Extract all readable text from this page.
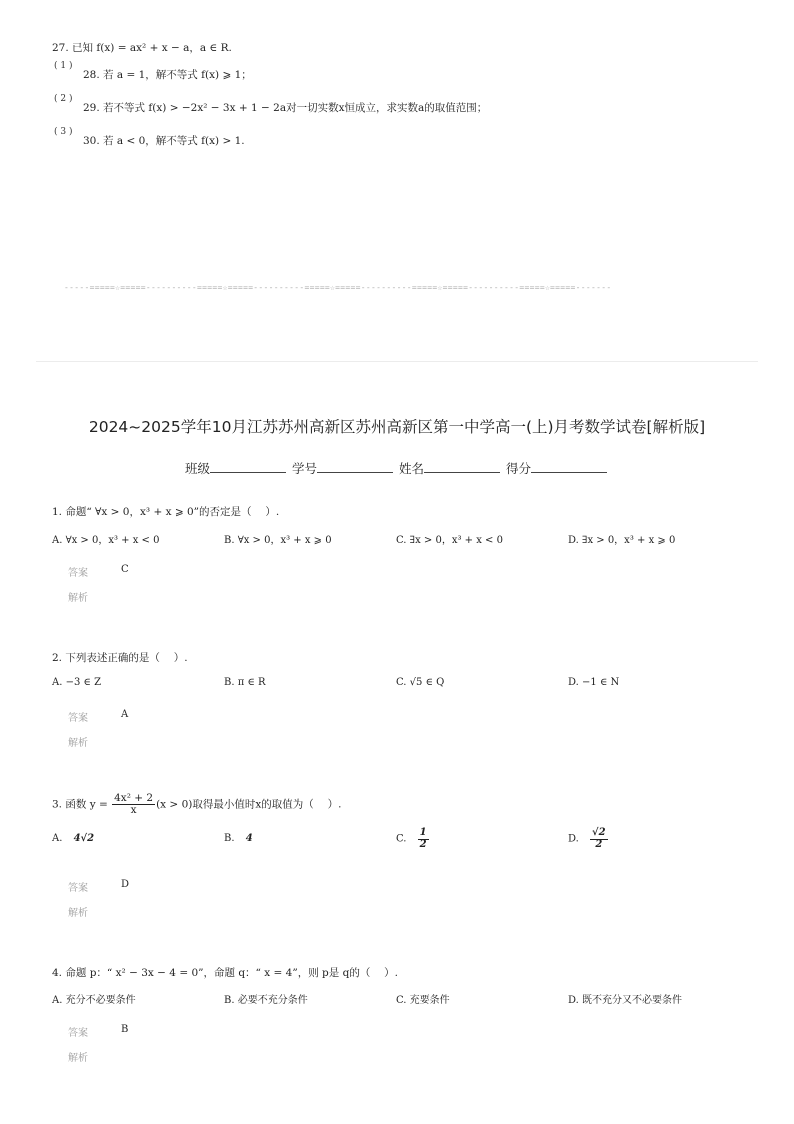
27. 已知 f(x) = ax² + x − a，a ∈ R.
( 1 )
28. 若 a = 1，解不等式 f(x) ⩾ 1；
( 2 )
29. 若不等式 f(x) > −2x² − 3x + 1 − 2a对一切实数x恒成立，求实数a的取值范围；
( 3 )
30. 若 a < 0，解不等式 f(x) > 1.
-----=====☆=====----------=====☆=====----------=====☆=====----------=====☆=====----------=====☆=====-------
2024~2025学年10月江苏苏州高新区苏州高新区第一中学高一(上)月考数学试卷[解析版]
班级	学号	姓名	得分
1. 命题“ ∀x > 0，x³ + x ⩾ 0”的否定是（　 ）.
A. ∀x > 0，x³ + x < 0	B. ∀x > 0，x³ + x ⩾ 0	C. ∃x > 0，x³ + x < 0	D. ∃x > 0，x³ + x ⩾ 0
答案	C
解析
2. 下列表述正确的是（　 ）.
A. −3 ∈ Z	B. π ∈ R	C. √5 ∈ Q	D. −1 ∈ N
答案	A
解析
3. 函数 $y = \frac{\text{4x² + 2}}{x} (x > 0)$取得最小值时x的取值为（　 ）.
A. 4√2	B. 4	C. $\frac{1}{2}$	D. $\frac{√2}{2}$
答案	D
解析
4. 命题 p：“ x² − 3x − 4 = 0”，命题 q：“ x = 4”，则 p是 q的（　 ）.
A. 充分不必要条件	B. 必要不充分条件	C. 充要条件	D. 既不充分又不必要条件
答案	B
解析
